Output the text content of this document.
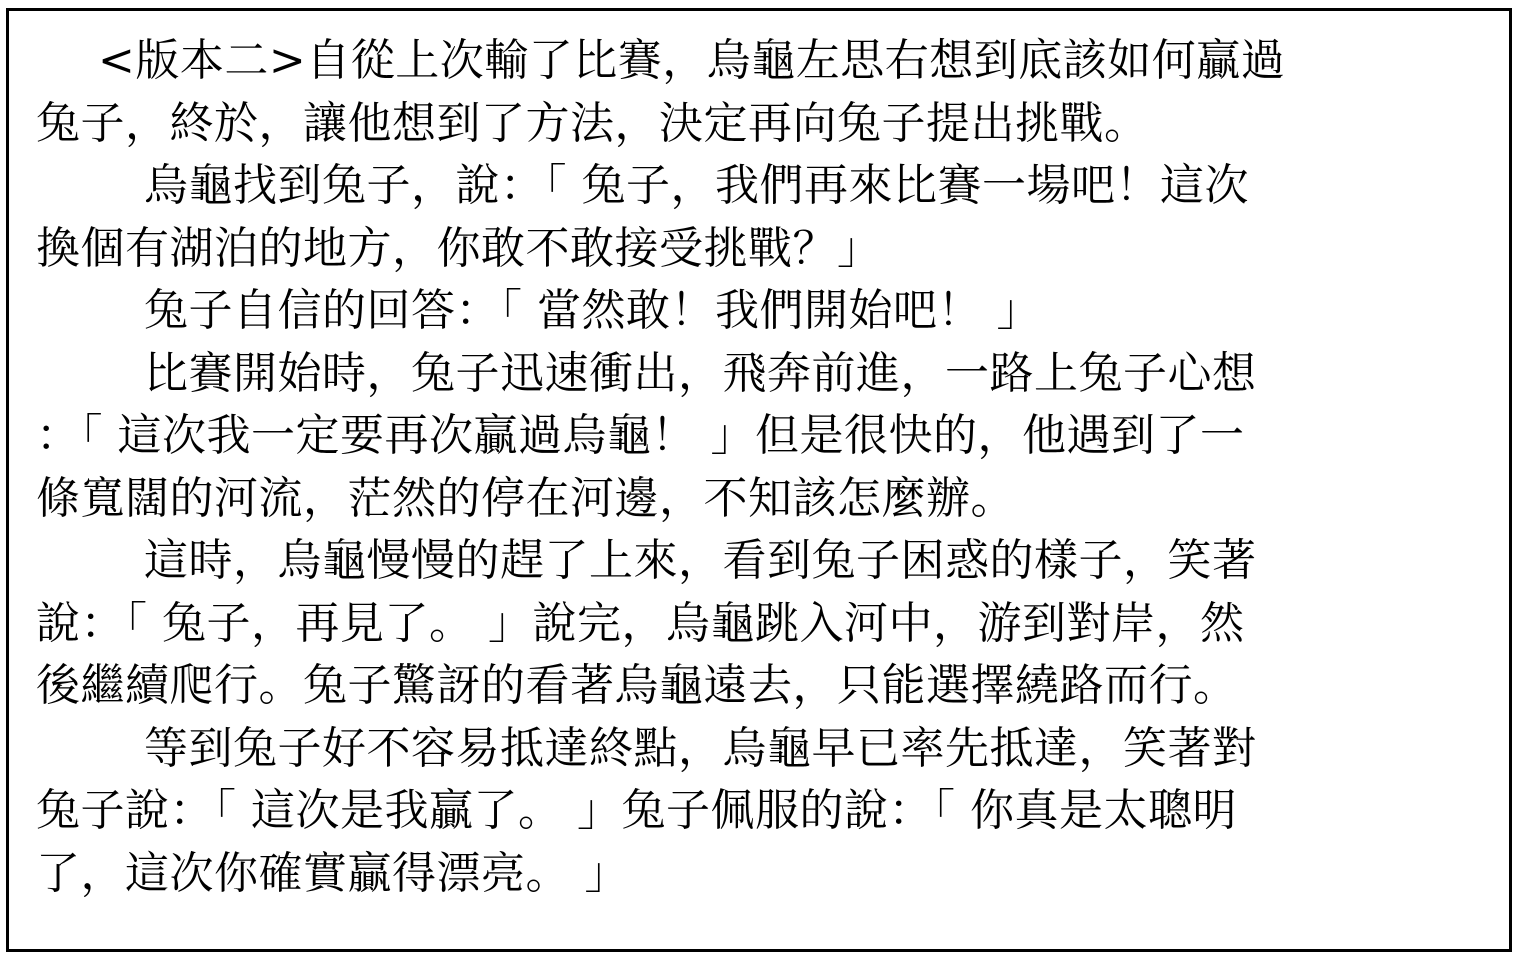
<版本二>自從上次輸了比賽，烏龜左思右想到底該如何贏過
兔子，終於，讓他想到了方法，決定再向兔子提出挑戰。
烏龜找到兔子，說：「 兔子，我們再來比賽一場吧！這次
換個有湖泊的地方，你敢不敢接受挑戰？」
兔子自信的回答：「 當然敢！我們開始吧！ 」
比賽開始時，兔子迅速衝出，飛奔前進，一路上兔子心想
：「 這次我一定要再次贏過烏龜！ 」但是很快的，他遇到了一
條寬闊的河流，茫然的停在河邊，不知該怎麼辦。
這時，烏龜慢慢的趕了上來，看到兔子困惑的樣子，笑著
說：「 兔子，再見了。 」說完，烏龜跳入河中，游到對岸，然
後繼續爬行。兔子驚訝的看著烏龜遠去，只能選擇繞路而行。
等到兔子好不容易抵達終點，烏龜早已率先抵達，笑著對
兔子說：「 這次是我贏了。 」兔子佩服的說：「 你真是太聰明
了，這次你確實贏得漂亮。 」
